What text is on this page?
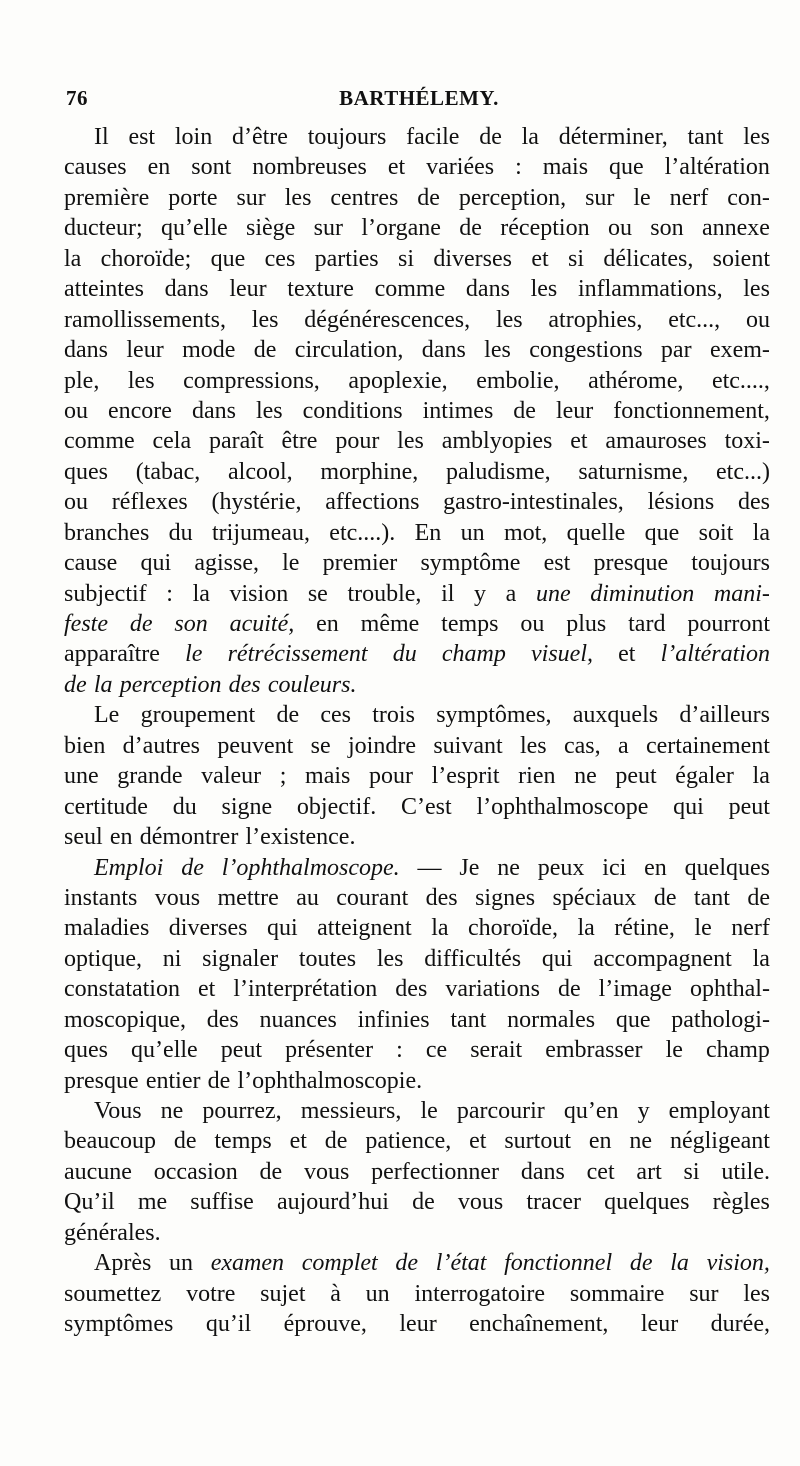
76	BARTHÉLEMY.
Il est loin d’être toujours facile de la déterminer, tant les
causes en sont nombreuses et variées : mais que l’altération
première porte sur les centres de perception, sur le nerf con-
ducteur; qu’elle siège sur l’organe de réception ou son annexe
la choroïde; que ces parties si diverses et si délicates, soient
atteintes dans leur texture comme dans les inflammations, les
ramollissements, les dégénérescences, les atrophies, etc..., ou
dans leur mode de circulation, dans les congestions par exem-
ple, les compressions, apoplexie, embolie, athérome, etc....,
ou encore dans les conditions intimes de leur fonctionnement,
comme cela paraît être pour les amblyopies et amauroses toxi-
ques (tabac, alcool, morphine, paludisme, saturnisme, etc...)
ou réflexes (hystérie, affections gastro-intestinales, lésions des
branches du trijumeau, etc....). En un mot, quelle que soit la
cause qui agisse, le premier symptôme est presque toujours
subjectif : la vision se trouble, il y a une diminution mani-
feste de son acuité, en même temps ou plus tard pourront
apparaître le rétrécissement du champ visuel, et l’altération
de la perception des couleurs.
Le groupement de ces trois symptômes, auxquels d’ailleurs
bien d’autres peuvent se joindre suivant les cas, a certainement
une grande valeur ; mais pour l’esprit rien ne peut égaler la
certitude du signe objectif. C’est l’ophthalmoscope qui peut
seul en démontrer l’existence.
Emploi de l’ophthalmoscope. — Je ne peux ici en quelques
instants vous mettre au courant des signes spéciaux de tant de
maladies diverses qui atteignent la choroïde, la rétine, le nerf
optique, ni signaler toutes les difficultés qui accompagnent la
constatation et l’interprétation des variations de l’image ophthal-
moscopique, des nuances infinies tant normales que pathologi-
ques qu’elle peut présenter : ce serait embrasser le champ
presque entier de l’ophthalmoscopie.
Vous ne pourrez, messieurs, le parcourir qu’en y employant
beaucoup de temps et de patience, et surtout en ne négligeant
aucune occasion de vous perfectionner dans cet art si utile.
Qu’il me suffise aujourd’hui de vous tracer quelques règles
générales.
Après un examen complet de l’état fonctionnel de la vision,
soumettez votre sujet à un interrogatoire sommaire sur les
symptômes qu’il éprouve, leur enchaînement, leur durée,
